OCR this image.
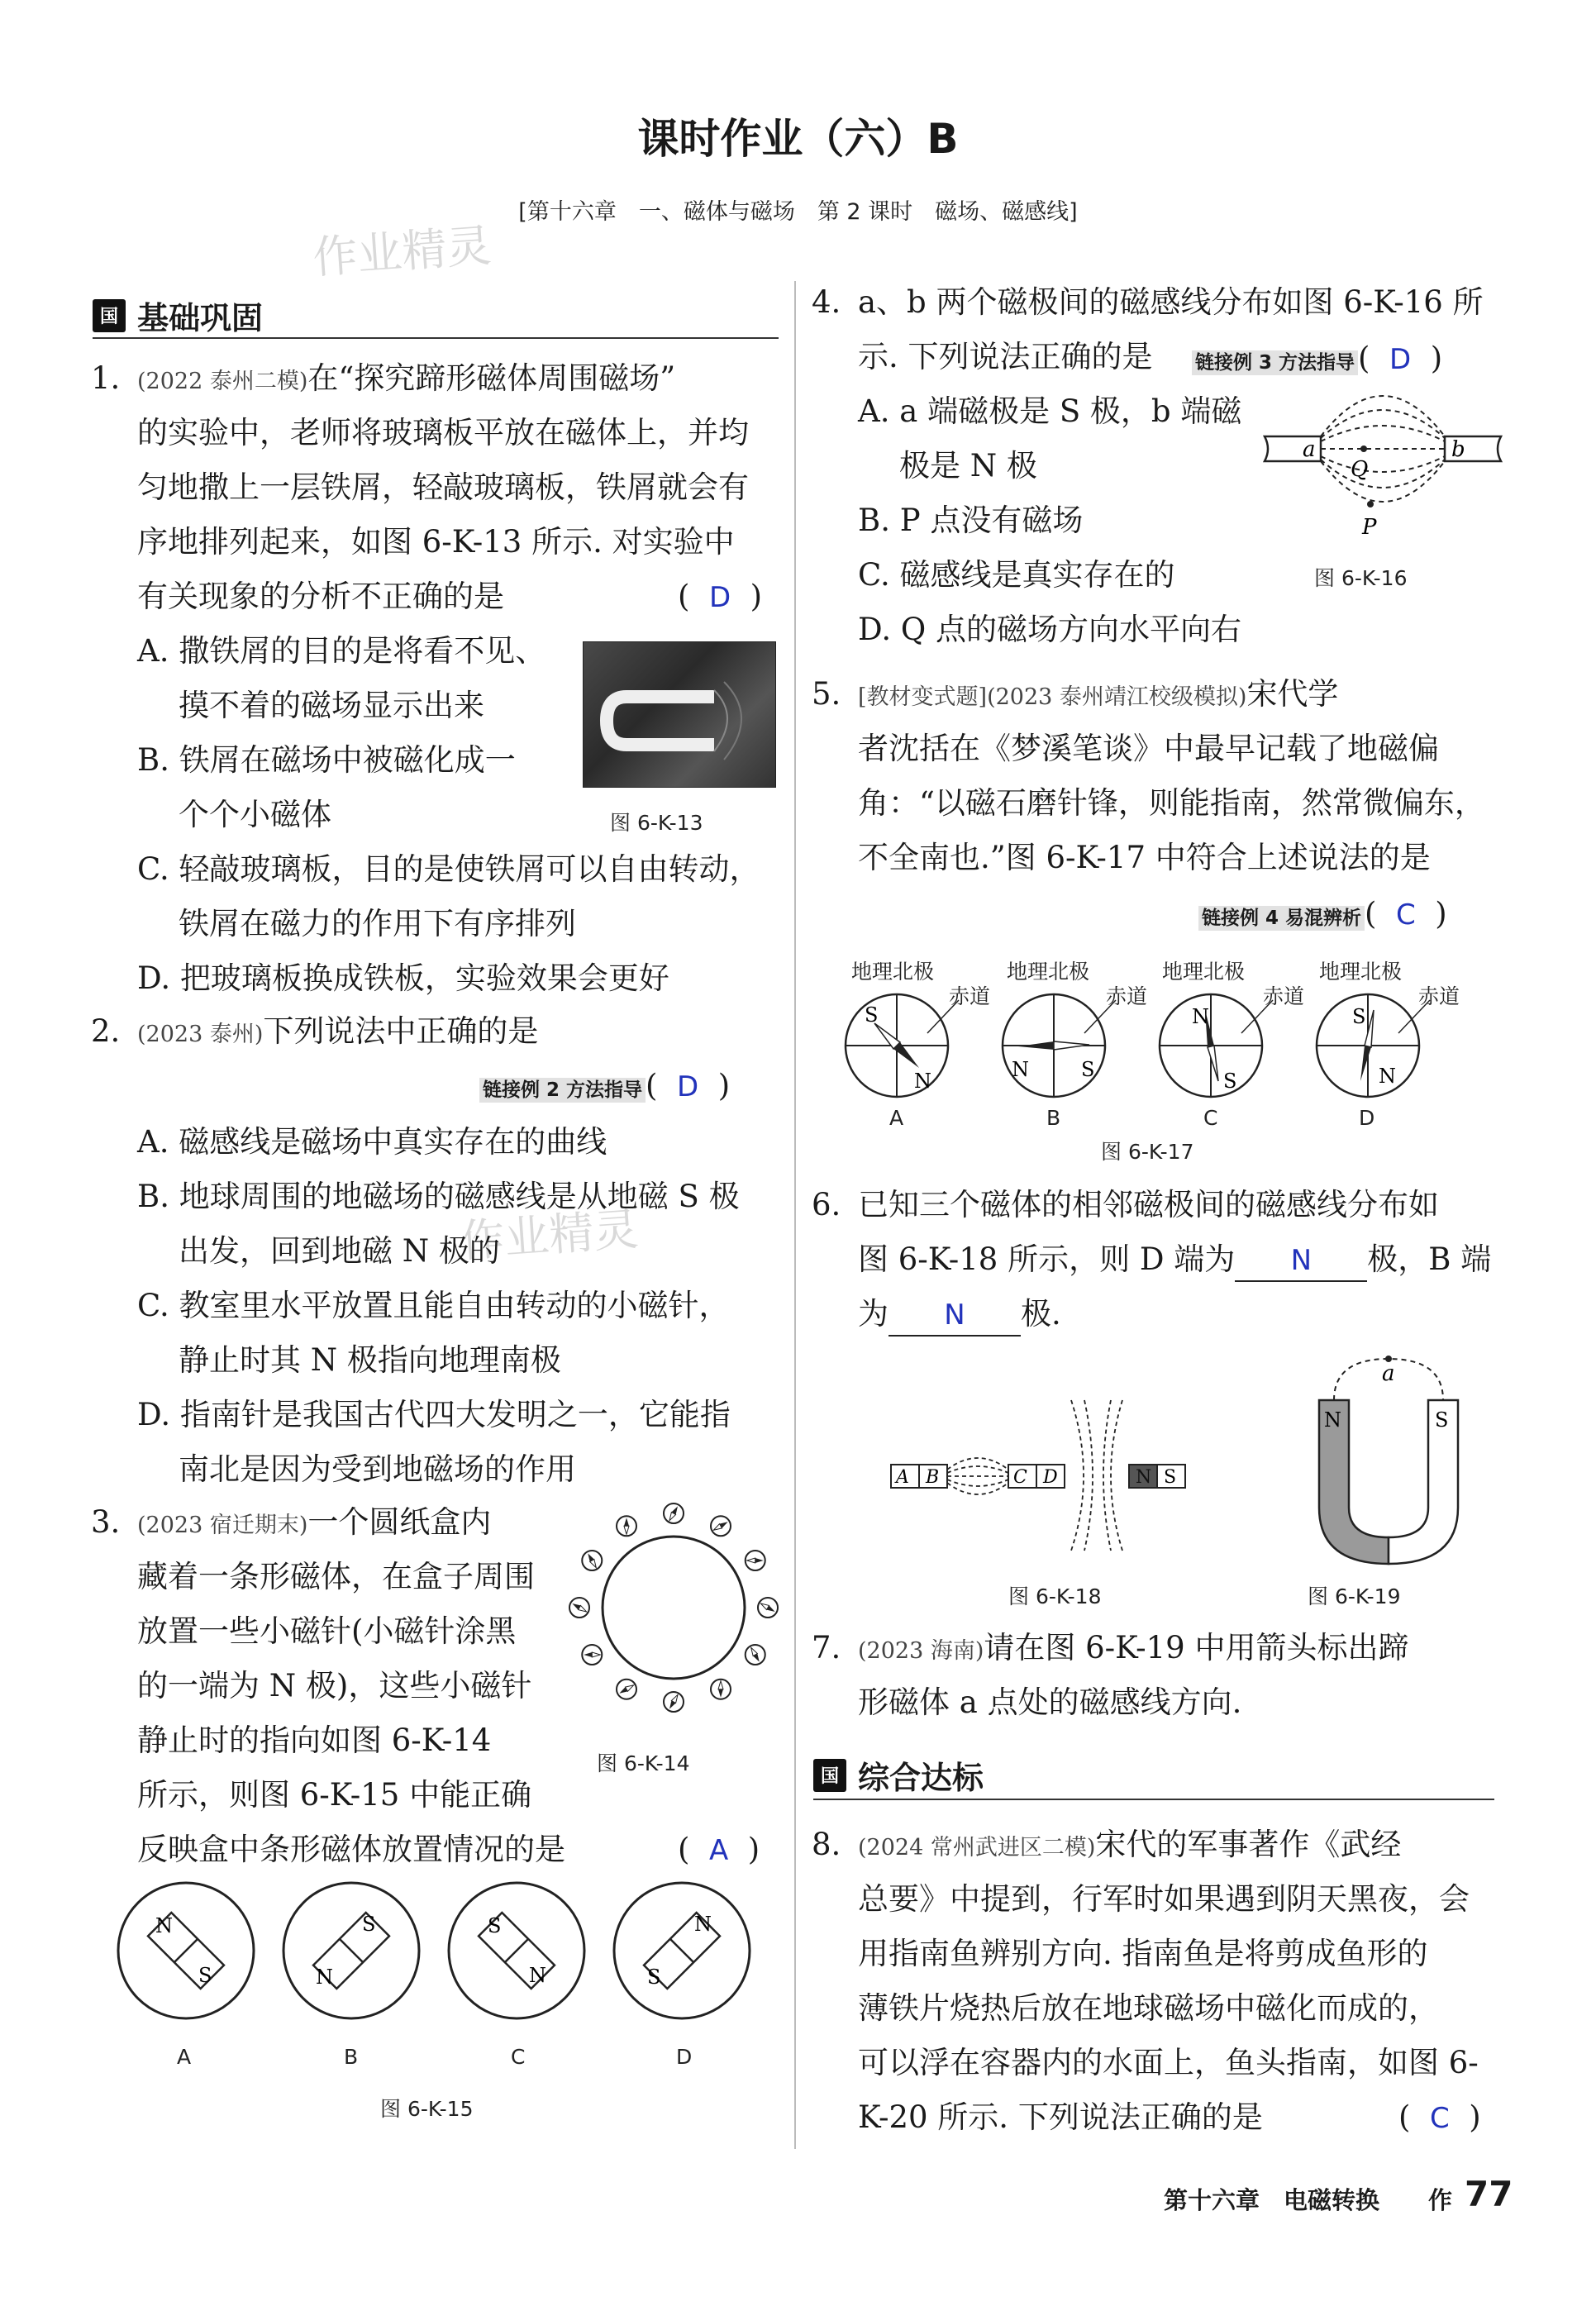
课时作业（六）B
[第十六章　一、磁体与磁场　第 2 课时　磁场、磁感线]
作业精灵
作业精灵
国 基础巩固
1. (2022 泰州二模)在“探究蹄形磁体周围磁场”
的实验中，老师将玻璃板平放在磁体上，并均
匀地撒上一层铁屑，轻敲玻璃板，铁屑就会有
序地排列起来，如图 6-K-13 所示. 对实验中
有关现象的分析不正确的是	(  D  )
A. 撒铁屑的目的是将看不见、
摸不着的磁场显示出来
B. 铁屑在磁场中被磁化成一
个个小磁体
C. 轻敲玻璃板，目的是使铁屑可以自由转动，
铁屑在磁力的作用下有序排列
D. 把玻璃板换成铁板，实验效果会更好
图 6-K-13
2. (2023 泰州)下列说法中正确的是
链接例 2 方法指导 (  D  )
A. 磁感线是磁场中真实存在的曲线
B. 地球周围的地磁场的磁感线是从地磁 S 极
出发，回到地磁 N 极的
C. 教室里水平放置且能自由转动的小磁针，
静止时其 N 极指向地理南极
D. 指南针是我国古代四大发明之一，它能指
南北是因为受到地磁场的作用
3. (2023 宿迁期末)一个圆纸盒内
藏着一条形磁体，在盒子周围
放置一些小磁针(小磁针涂黑
的一端为 N 极)，这些小磁针
静止时的指向如图 6-K-14
所示，则图 6-K-15 中能正确
反映盒中条形磁体放置情况的是	(  A  )
图 6-K-14
N
S
S
N
S
N	S
N
A	B	C	D
图 6-K-15
4. a、b 两个磁极间的磁感线分布如图 6-K-16 所
示. 下列说法正确的是 链接例 3 方法指导 (  D  )
A. a 端磁极是 S 极，b 端磁
极是 N 极
B. P 点没有磁场
C. 磁感线是真实存在的
D. Q 点的磁场方向水平向右
a	b
Q
P
图 6-K-16
5. [教材变式题](2023 泰州靖江校级模拟)宋代学
者沈括在《梦溪笔谈》中最早记载了地磁偏
角：“以磁石磨针锋，则能指南，然常微偏东，
不全南也.”图 6-K-17 中符合上述说法的是
链接例 4 易混辨析 (  C  )
S
N	N	S
N
S
S
N
地理北极	地理北极	地理北极	地理北极
赤道	赤道	赤道	赤道
A	B	C	D
图 6-K-17
6. 已知三个磁体的相邻磁极间的磁感线分布如
图 6-K-18 所示，则 D 端为 N 极，B 端
为 N 极.
A B	C D	N S
图 6-K-18
N	S
a
图 6-K-19
7. (2023 海南)请在图 6-K-19 中用箭头标出蹄
形磁体 a 点处的磁感线方向.
国 综合达标
8. (2024 常州武进区二模)宋代的军事著作《武经
总要》中提到，行军时如果遇到阴天黑夜，会
用指南鱼辨别方向. 指南鱼是将剪成鱼形的
薄铁片烧热后放在地球磁场中磁化而成的，
可以浮在容器内的水面上，鱼头指南，如图 6-
K-20 所示. 下列说法正确的是	(  C  )
第十六章　电磁转换 作 77
